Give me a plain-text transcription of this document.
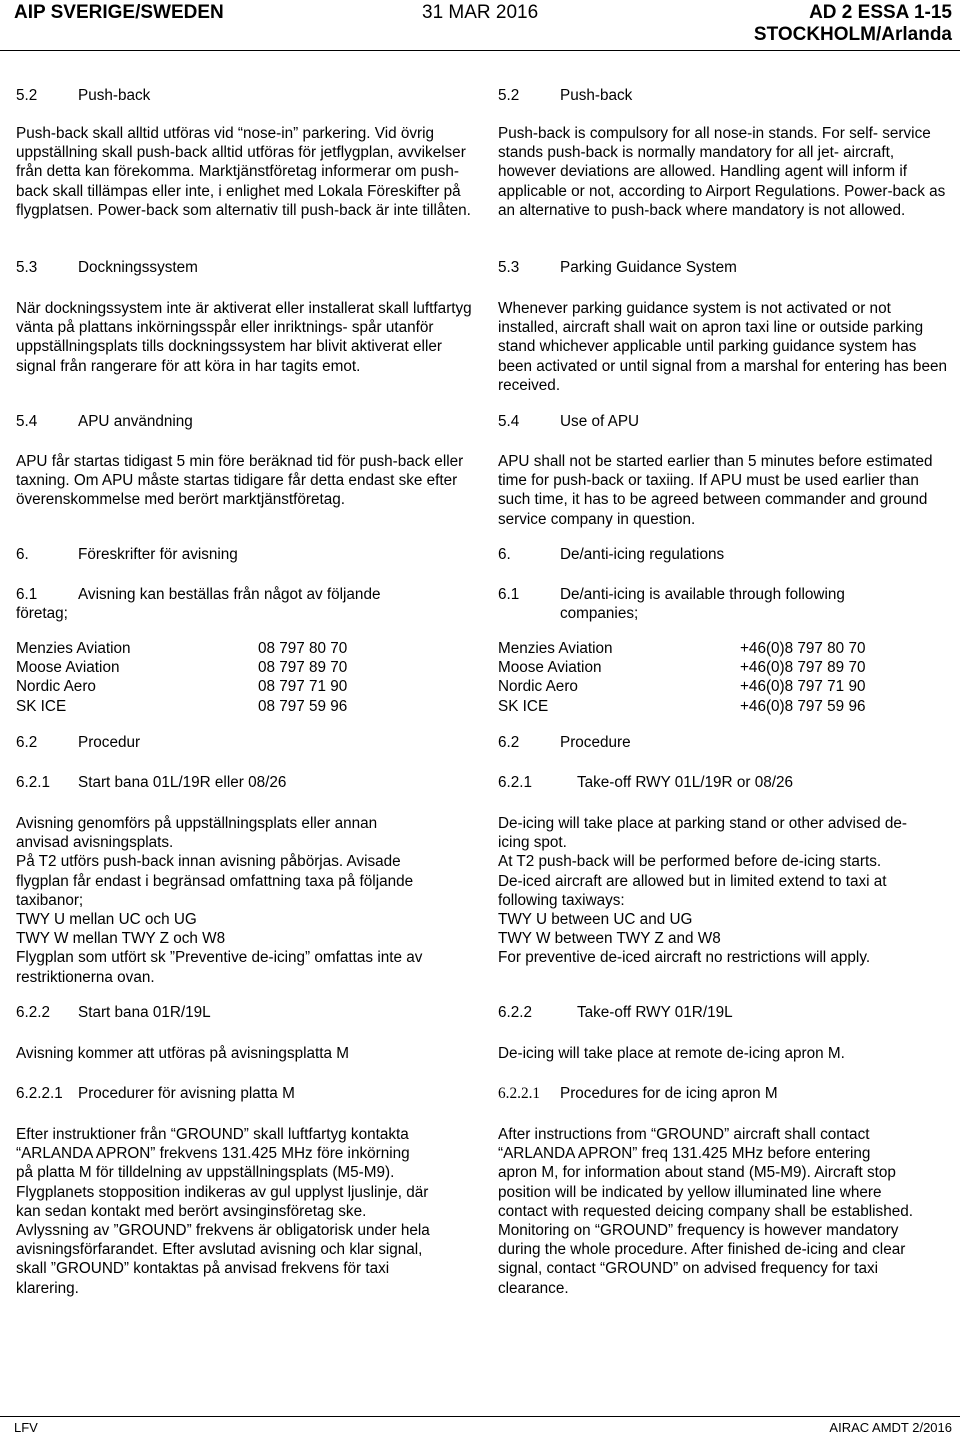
AIP SVERIGE/SWEDEN	31 MAR 2016	AD 2 ESSA 1-15
STOCKHOLM/Arlanda
5.2	Push-back

Push-back skall alltid utföras vid “nose-in” parkering. Vid övrig uppställning skall push-back alltid utföras för jetflygplan, avvikelser från detta kan förekomma. Marktjänstföretag informerar om push-back skall tillämpas eller inte, i enlighet med Lokala Föreskifter på flygplatsen. Power-back som alternativ till push-back är inte tillåten.

5.3	Dockningssystem

När dockningssystem inte är aktiverat eller installerat skall luftfartyg vänta på plattans inkörningsspår eller inriktnings- spår utanför uppställningsplats tills dockningssystem har blivit aktiverat eller signal från rangerare för att köra in har tagits emot.

5.4	APU användning

APU får startas tidigast 5 min före beräknad tid för push-back eller taxning. Om APU måste startas tidigare får detta endast ske efter överenskommelse med berört marktjänstföretag.

6.	Föreskrifter för avisning
6.1	Avisning kan beställas från något av följande
företag;
Menzies Aviation	08 797 80 70
Moose Aviation	08 797 89 70
Nordic Aero	08 797 71 90
SK ICE	08 797 59 96
6.2	Procedur
6.2.1 Start bana 01L/19R eller 08/26
Avisning genomförs på uppställningsplats eller annan
anvisad avisningsplats.
På T2 utförs push-back innan avisning påbörjas. Avisade
flygplan får endast i begränsad omfattning taxa på följande
taxibanor;
TWY U mellan UC och UG
TWY W mellan TWY Z och W8
Flygplan som utfört sk ”Preventive de-icing” omfattas inte av
restriktionerna ovan.
6.2.2 Start bana 01R/19L
Avisning kommer att utföras på avisningsplatta M
6.2.2.1 Procedurer för avisning platta M
Efter instruktioner från “GROUND” skall luftfartyg kontakta
“ARLANDA APRON” frekvens 131.425 MHz före inkörning
på platta M för tilldelning av uppställningsplats (M5-M9).
Flygplanets stopposition indikeras av gul upplyst ljuslinje, där
kan sedan kontakt med berört avsinginsföretag ske.
Avlyssning av ”GROUND” frekvens är obligatorisk under hela
avisningsförfarandet. Efter avslutad avisning och klar signal,
skall ”GROUND” kontaktas på anvisad frekvens för taxi
klarering.
5.2	Push-back

Push-back is compulsory for all nose-in stands. For self- service stands push-back is normally mandatory for all jet- aircraft, however deviations are allowed. Handling agent will inform if applicable or not, according to Airport Regulations. Power-back as an alternative to push-back where mandatory is not allowed.

5.3	Parking Guidance System

Whenever parking guidance system is not activated or not installed, aircraft shall wait on apron taxi line or outside parking stand whichever applicable until parking guidance system has been activated or until signal from a marshal for entering has been received.

5.4	Use of APU

APU shall not be started earlier than 5 minutes before estimated time for push-back or taxiing. If APU must be used earlier than such time, it has to be agreed between commander and ground service company in question.

6.	De/anti-icing regulations
6.1	De/anti-icing is available through following
companies;
Menzies Aviation	+46(0)8 797 80 70
Moose Aviation	+46(0)8 797 89 70
Nordic Aero	+46(0)8 797 71 90
SK ICE	+46(0)8 797 59 96
6.2	Procedure
6.2.1	Take-off RWY 01L/19R or 08/26
De-icing will take place at parking stand or other advised de-
icing spot.
At T2 push-back will be performed before de-icing starts.
De-iced aircraft are allowed but in limited extend to taxi at
following taxiways:
TWY U between UC and UG
TWY W between TWY Z and W8
For preventive de-iced aircraft no restrictions will apply.
6.2.2	Take-off RWY 01R/19L
De-icing will take place at remote de-icing apron M.
6.2.2.1 Procedures for de icing apron M
After instructions from “GROUND” aircraft shall contact
“ARLANDA APRON” freq 131.425 MHz before entering
apron M, for information about stand (M5-M9). Aircraft stop
position will be indicated by yellow illuminated line where
contact with requested deicing company shall be established.
Monitoring on “GROUND” frequency is however mandatory
during the whole procedure. After finished de-icing and clear
signal, contact “GROUND” on advised frequency for taxi
clearance.
LFV	AIRAC AMDT 2/2016
